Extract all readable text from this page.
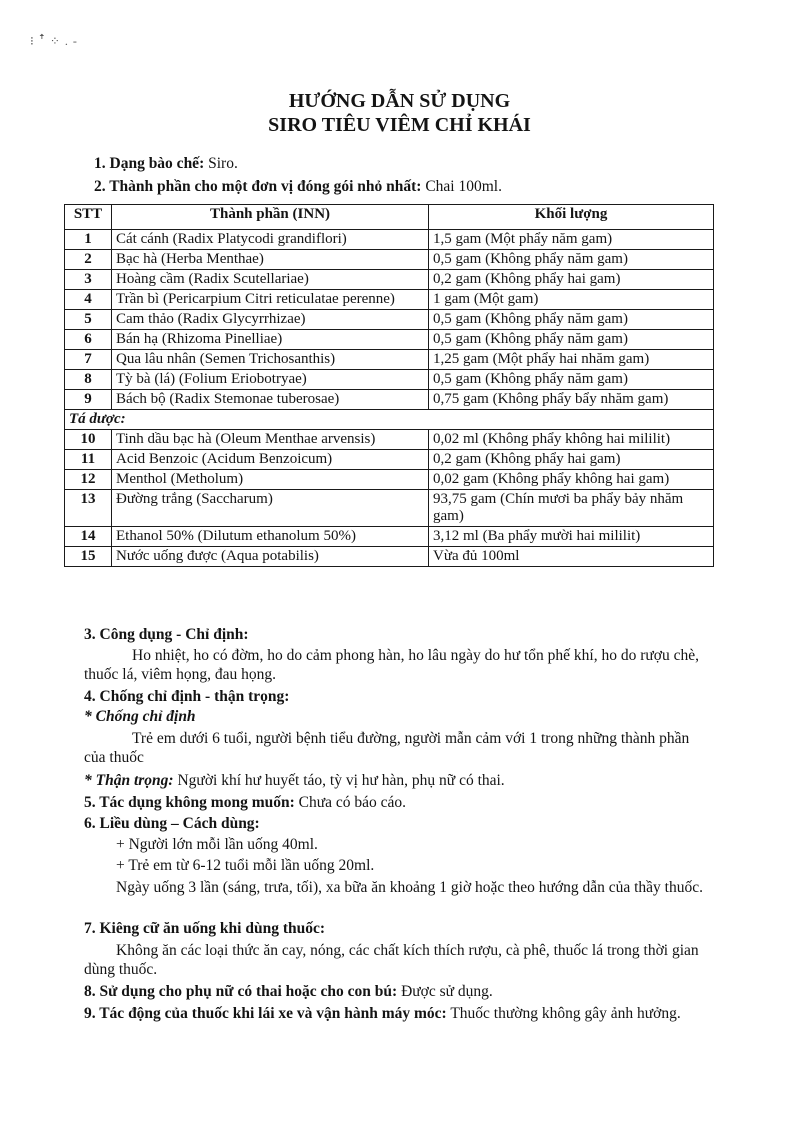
⁝ ꜛ ⁘ . -
HƯỚNG DẪN SỬ DỤNG
SIRO TIÊU VIÊM CHỈ KHÁI
1. Dạng bào chế: Siro.
2. Thành phần cho một đơn vị đóng gói nhỏ nhất: Chai 100ml.
STT	Thành phần (INN)	Khối lượng
1	Cát cánh (Radix Platycodi grandiflori)	1,5 gam (Một phẩy năm gam)
2	Bạc hà (Herba Menthae)	0,5 gam (Không phẩy năm gam)
3	Hoàng cầm (Radix Scutellariae)	0,2 gam (Không phẩy hai gam)
4	Trần bì (Pericarpium Citri reticulatae perenne)	1 gam (Một gam)
5	Cam thảo (Radix Glycyrrhizae)	0,5 gam (Không phẩy năm gam)
6	Bán hạ (Rhizoma Pinelliae)	0,5 gam (Không phẩy năm gam)
7	Qua lâu nhân (Semen Trichosanthis)	1,25 gam (Một phẩy hai nhăm gam)
8	Tỳ bà (lá) (Folium Eriobotryae)	0,5 gam (Không phẩy năm gam)
9	Bách bộ (Radix Stemonae tuberosae)	0,75 gam (Không phẩy bẩy nhăm gam)
Tá dược:		
10	Tinh dầu bạc hà (Oleum Menthae arvensis)	0,02 ml (Không phẩy không hai mililit)
11	Acid Benzoic (Acidum Benzoicum)	0,2 gam (Không phẩy hai gam)
12	Menthol (Metholum)	0,02 gam (Không phẩy không hai gam)
13	Đường trắng (Saccharum)	93,75 gam (Chín mươi ba phẩy bảy nhăm gam)
14	Ethanol 50% (Dilutum ethanolum 50%)	3,12 ml (Ba phẩy mười hai mililit)
15	Nước uống được (Aqua potabilis)	Vừa đủ 100ml
3. Công dụng - Chỉ định:
Ho nhiệt, ho có đờm, ho do cảm phong hàn, ho lâu ngày do hư tổn phế khí, ho do rượu chè, thuốc lá, viêm họng, đau họng.
4. Chống chỉ định - thận trọng:
* Chống chỉ định
Trẻ em dưới 6 tuổi, người bệnh tiểu đường, người mẫn cảm với 1 trong những thành phần của thuốc
* Thận trọng: Người khí hư huyết táo, tỳ vị hư hàn, phụ nữ có thai.
5. Tác dụng không mong muốn: Chưa có báo cáo.
6. Liều dùng – Cách dùng:
+ Người lớn mỗi lần uống 40ml.
+ Trẻ em từ 6-12 tuổi mỗi lần uống 20ml.
Ngày uống 3 lần (sáng, trưa, tối), xa bữa ăn khoảng 1 giờ hoặc theo hướng dẫn của thầy thuốc.
7. Kiêng cữ ăn uống khi dùng thuốc:
Không ăn các loại thức ăn cay, nóng, các chất kích thích rượu, cà phê, thuốc lá trong thời gian dùng thuốc.
8. Sử dụng cho phụ nữ có thai hoặc cho con bú: Được sử dụng.
9. Tác động của thuốc khi lái xe và vận hành máy móc: Thuốc thường không gây ảnh hưởng.
